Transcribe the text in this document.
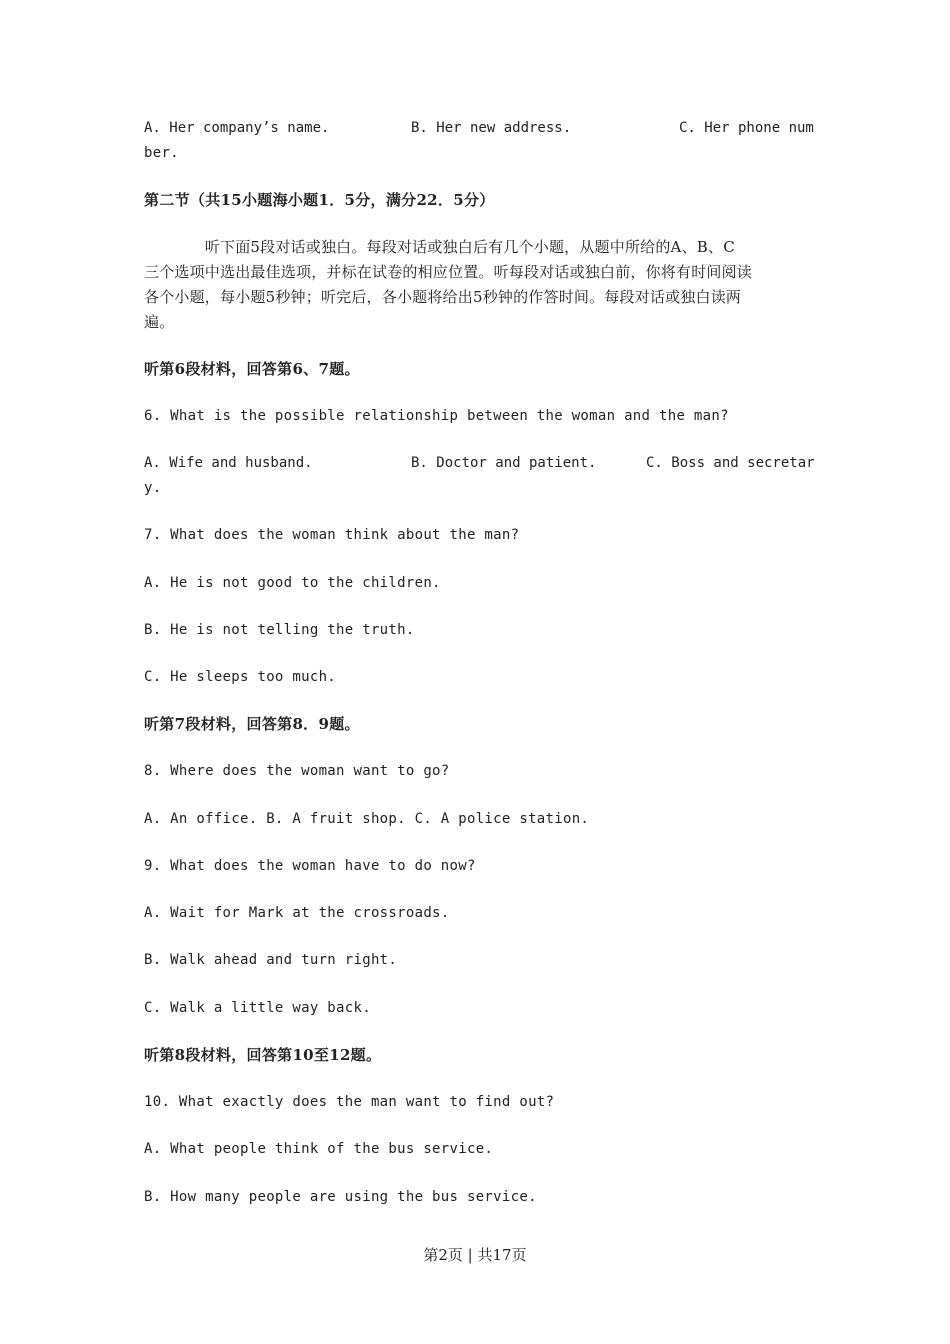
A. Her company’s name.	B. Her new address.	C. Her phone num
ber.
第二节（共15小题海小题1．5分，满分22．5分）
　　　　听下面5段对话或独白。每段对话或独白后有几个小题，从题中所给的A、B、C
三个选项中选出最佳选项，并标在试卷的相应位置。听每段对话或独白前，你将有时间阅读
各个小题，每小题5秒钟；听完后，各小题将给出5秒钟的作答时间。每段对话或独白读两
遍。
听第6段材料，回答第6、7题。
6. What is the possible relationship between the woman and the man?
A. Wife and husband.	B. Doctor and patient.	C. Boss and secretar
y.
7. What does the woman think about the man?
A. He is not good to the children.
B. He is not telling the truth.
C. He sleeps too much.
听第7段材料，回答第8．9题。
8. Where does the woman want to go?
A. An office. B. A fruit shop. C. A police station.
9. What does the woman have to do now?
A. Wait for Mark at the crossroads.
B. Walk ahead and turn right.
C. Walk a little way back.
听第8段材料，回答第10至12题。
10. What exactly does the man want to find out?
A. What people think of the bus service.
B. How many people are using the bus service.
第2页 | 共17页
